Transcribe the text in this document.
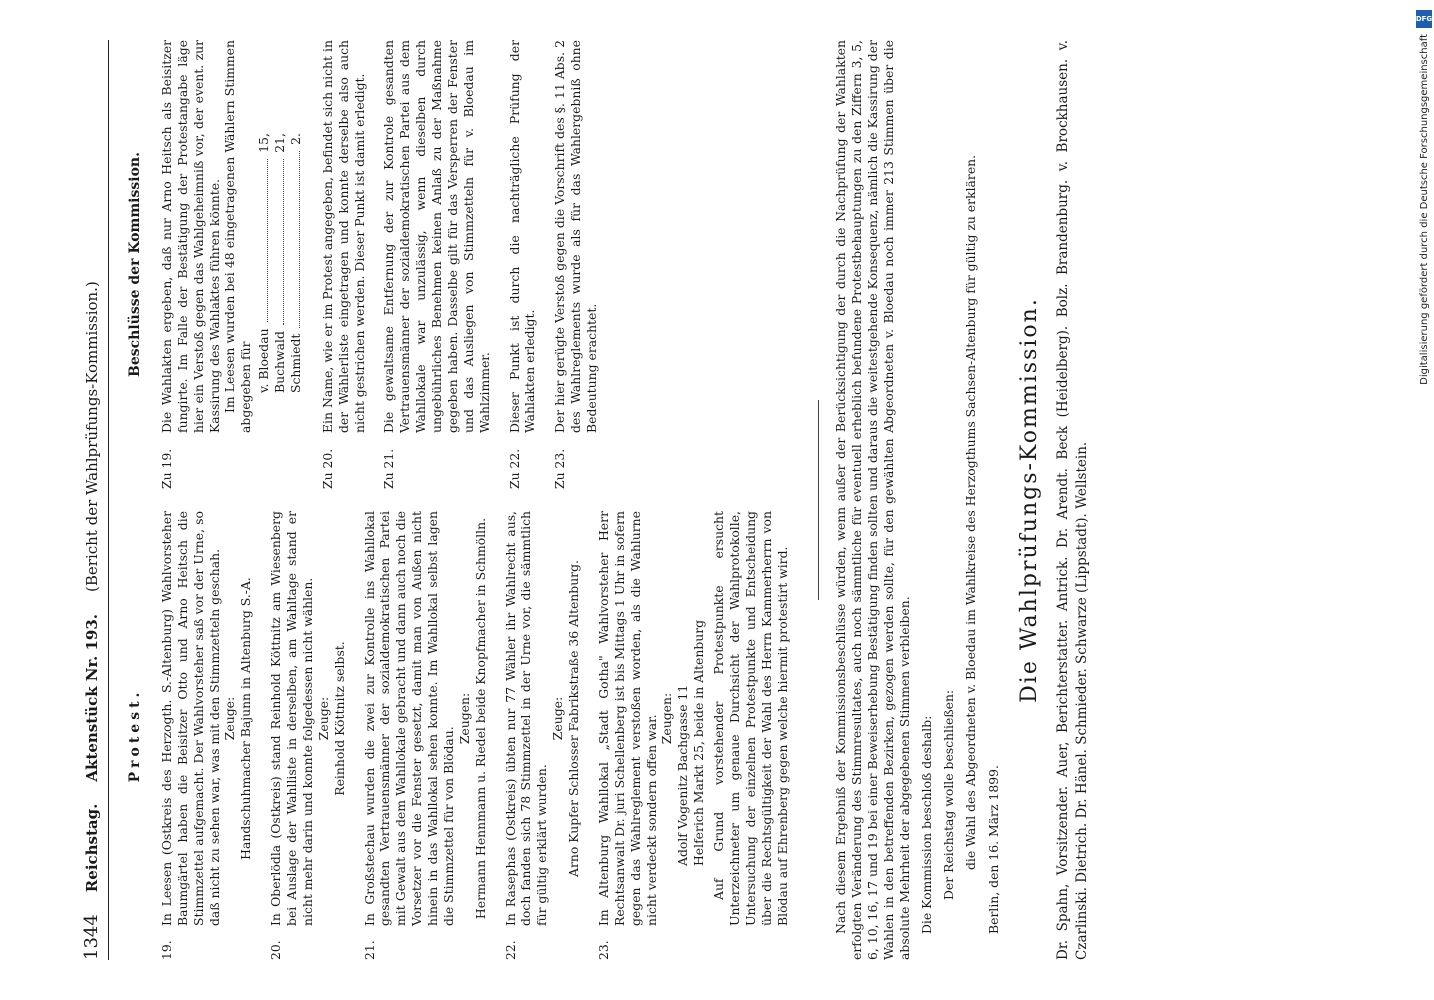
1344
Reichstag.
Aktenstück Nr. 193.
(Bericht der Wahlprüfungs-Kommission.)
Protest.
19.
In Leesen (Ostkreis des Herzogth. S.-Altenburg) Wahlvorsteher Baumgärtel haben die Beisitzer Otto und Arno Heitsch die Stimmzettel aufgemacht. Der Wahlvorsteher saß vor der Urne, so daß nicht zu sehen war, was mit den Stimmzetteln geschah. Zeuge: Handschuhmacher Bajunn in Altenburg S.-A.
20.
In Oberlödla (Ostkreis) stand Reinhold Köttnitz am Wiesenberg bei Auslage der Wahlliste in derselben, am Wahltage stand er nicht mehr darin und konnte folgedessen nicht wählen. Zeuge: Reinhold Köttnitz selbst.
21.
In Großstechau wurden die zwei zur Kontrolle ins Wahllokal gesandten Vertrauensmänner der sozialdemokratischen Partei mit Gewalt aus dem Wahllokale gebracht und dann auch noch die Vorsetzer vor die Fenster gesetzt, damit man von Außen nicht hinein in das Wahllokal sehen konnte. Im Wahllokal selbst lagen die Stimmzettel für von Blödau.
Zeugen: Hermann Hennmann u. Riedel beide Knopfmacher in Schmölln.
22.
In Rasephas (Ostkreis) übten nur 77 Wähler ihr Wahlrecht aus, doch fanden sich 78 Stimmzettel in der Urne vor, die sämmtlich für gültig erklärt wurden.
Zeuge: Arno Kupfer Schlosser Fabrikstraße 36 Altenburg.
23.
Im Altenburg Wahllokal „Stadt Gotha" Wahlvorsteher Herr Rechtsanwalt Dr. juri Schellenberg ist bis Mittags 1 Uhr in sofern gegen das Wahlreglement verstoßen worden, als die Wahlurne nicht verdeckt sondern offen war. Zeugen: Adolf Vogenitz Bachgasse 11 Helferich Markt 25, beide in Altenburg Auf Grund vorstehender Protestpunkte ersucht Unterzeichneter um genaue Durchsicht der Wahlprotokolle, Untersuchung der einzelnen Protestpunkte und Entscheidung über die Rechtsgültigkeit der Wahl des Herrn Kammerherrn von Blödau auf Ehrenberg gegen welche hiermit protestirt wird.
Beschlüsse der Kommission.
Zu 19.
Die Wahlakten ergeben, daß nur Arno Heitsch als Beisitzer fungirte. Im Falle der Bestätigung der Protestangabe läge hier ein Verstoß gegen das Wahlgeheimniß vor, der event. zur Kassirung des Wahlaktes führen könnte. Im Leesen wurden bei 48 eingetragenen Wählern Stimmen abgegeben für v. Bloedau
15,
Buchwald
21,
Schmiedt
2.
Zu 20.
Ein Name, wie er im Protest angegeben, befindet sich nicht in der Wählerliste eingetragen und konnte derselbe also auch nicht gestrichen werden. Dieser Punkt ist damit erledigt.
Zu 21.
Die gewaltsame Entfernung der zur Kontrole gesandten Vertrauensmänner der sozialdemokratischen Partei aus dem Wahllokale war unzulässig, wenn dieselben durch ungebührliches Benehmen keinen Anlaß zu der Maßnahme gegeben haben. Dasselbe gilt für das Versperren der Fenster und das Ausliegen von Stimmzetteln für v. Bloedau im Wahlzimmer.
Zu 22.
Dieser Punkt ist durch die nachträgliche Prüfung der Wahlakten erledigt.
Zu 23.
Der hier gerügte Verstoß gegen die Vorschrift des §. 11 Abs. 2 des Wahlreglements wurde als für das Wahlergebniß ohne Bedeutung erachtet.	Nach diesem Ergebniß der Kommissionsbeschlüsse würden, wenn außer der Berücksichtigung der durch die Nachprüfung der Wahlakten erfolgten Veränderung des Stimmresultates, auch noch sämmtliche für eventuell erheblich befundene Protestbehauptungen zu den Ziffern 3, 5, 6, 10, 16, 17 und 19 bei einer Beweiserhebung Bestätigung finden sollten und daraus die weitestgehende Konsequenz, nämlich die Kassirung der Wahlen in den betreffenden Bezirken, gezogen werden sollte, für den gewählten Abgeordneten v. Bloedau noch immer 213 Stimmen über die absolute Mehrheit der abgegebenen Stimmen verbleiben. Die Kommission beschloß deshalb: Der Reichstag wolle beschließen: die Wahl des Abgeordneten v. Bloedau im Wahlkreise des Herzogthums Sachsen-Altenburg für gültig zu erklären. Berlin, den 16. März 1899.
Die Wahlprüfungs-Kommission. Dr. Spahn, Vorsitzender. Auer, Berichterstatter. Antrick. Dr. Arendt. Beck (Heidelberg). Bolz. Brandenburg. v. Brockhausen. v. Czarlinski. Dietrich. Dr. Hänel. Schmieder. Schwarze (Lippstadt). Wellstein.
DFG
Digitalisierung gefördert durch die Deutsche Forschungsgemeinschaft
